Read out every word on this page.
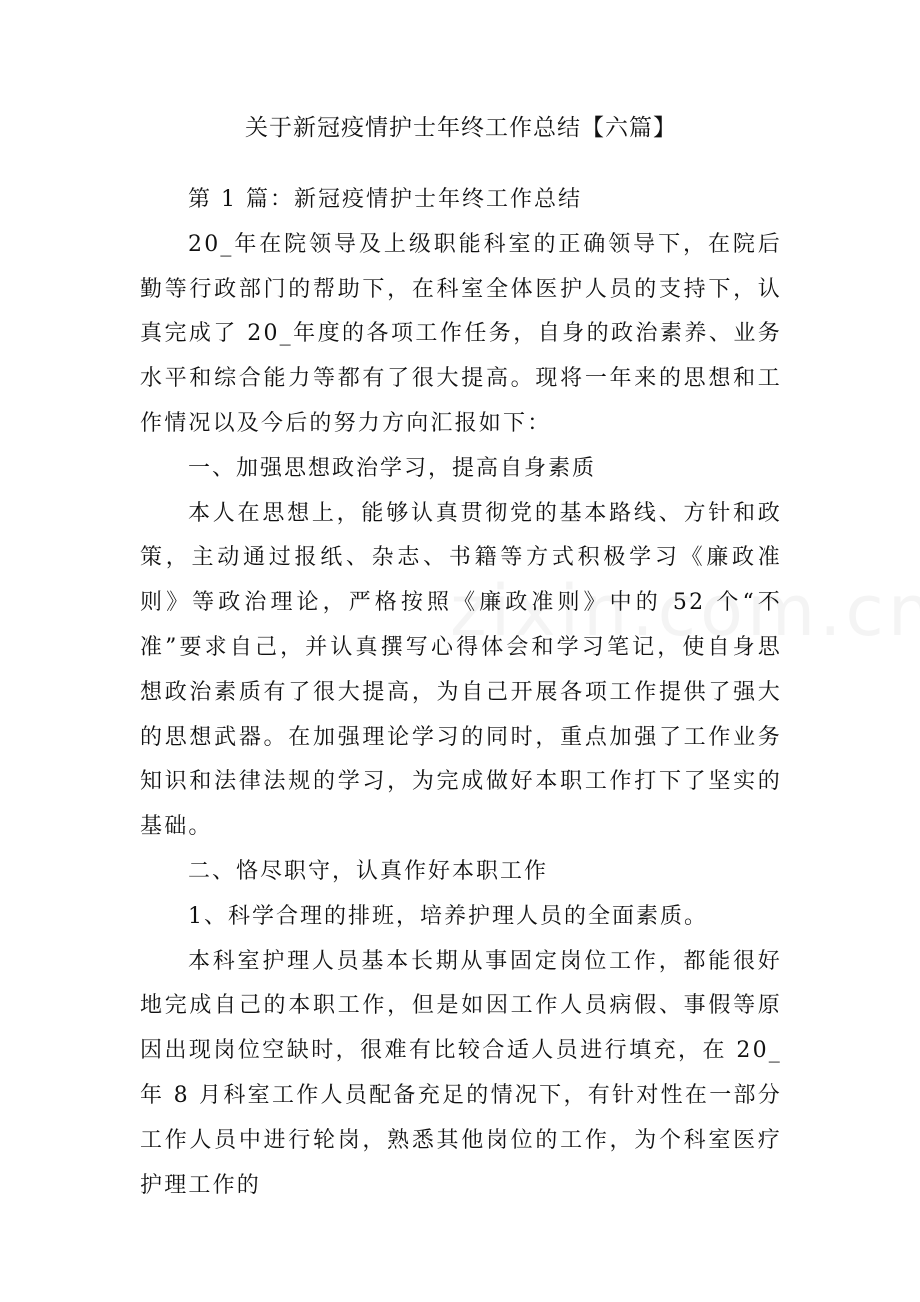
关于新冠疫情护士年终工作总结【六篇】

第 1 篇：新冠疫情护士年终工作总结

20_年在院领导及上级职能科室的正确领导下，在院后勤等行政部门的帮助下，在科室全体医护人员的支持下，认真完成了 20_年度的各项工作任务，自身的政治素养、业务水平和综合能力等都有了很大提高。现将一年来的思想和工作情况以及今后的努力方向汇报如下：

一、加强思想政治学习，提高自身素质

本人在思想上，能够认真贯彻党的基本路线、方针和政策，主动通过报纸、杂志、书籍等方式积极学习《廉政准则》等政治理论，严格按照《廉政准则》中的 52 个“不准”要求自己，并认真撰写心得体会和学习笔记，使自身思想政治素质有了很大提高，为自己开展各项工作提供了强大的思想武器。在加强理论学习的同时，重点加强了工作业务知识和法律法规的学习，为完成做好本职工作打下了坚实的基础。

二、恪尽职守，认真作好本职工作

1、科学合理的排班，培养护理人员的全面素质。

本科室护理人员基本长期从事固定岗位工作，都能很好地完成自己的本职工作，但是如因工作人员病假、事假等原因出现岗位空缺时，很难有比较合适人员进行填充，在 20_年 8 月科室工作人员配备充足的情况下，有针对性在一部分工作人员中进行轮岗，熟悉其他岗位的工作，为个科室医疗护理工作的
